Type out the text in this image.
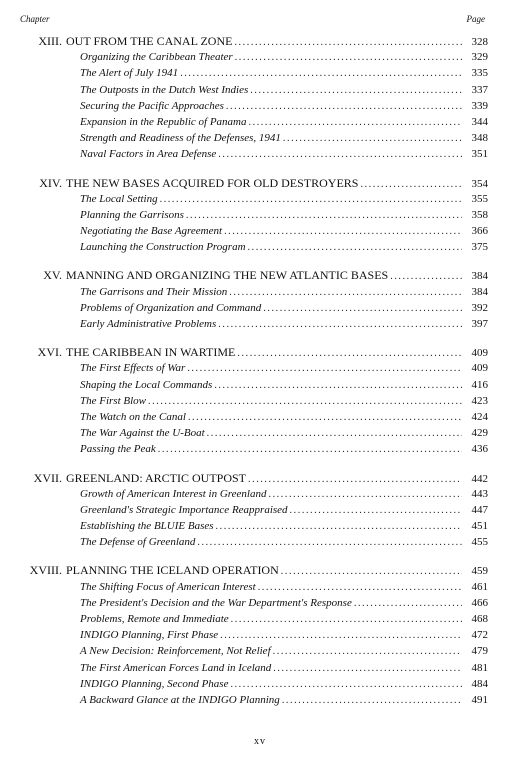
Chapter	Page
XIII. OUT FROM THE CANAL ZONE .....	328
Organizing the Caribbean Theater .....	329
The Alert of July 1941 .....	335
The Outposts in the Dutch West Indies .....	337
Securing the Pacific Approaches .....	339
Expansion in the Republic of Panama .....	344
Strength and Readiness of the Defenses, 1941 .....	348
Naval Factors in Area Defense .....	351
XIV. THE NEW BASES ACQUIRED FOR OLD DESTROYERS .....	354
The Local Setting .....	355
Planning the Garrisons .....	358
Negotiating the Base Agreement .....	366
Launching the Construction Program .....	375
XV. MANNING AND ORGANIZING THE NEW ATLANTIC BASES .....	384
The Garrisons and Their Mission .....	384
Problems of Organization and Command .....	392
Early Administrative Problems .....	397
XVI. THE CARIBBEAN IN WARTIME .....	409
The First Effects of War .....	409
Shaping the Local Commands .....	416
The First Blow .....	423
The Watch on the Canal .....	424
The War Against the U-Boat .....	429
Passing the Peak .....	436
XVII. GREENLAND: ARCTIC OUTPOST .....	442
Growth of American Interest in Greenland .....	443
Greenland's Strategic Importance Reappraised .....	447
Establishing the BLUIE Bases .....	451
The Defense of Greenland .....	455
XVIII. PLANNING THE ICELAND OPERATION .....	459
The Shifting Focus of American Interest .....	461
The President's Decision and the War Department's Response .....	466
Problems, Remote and Immediate .....	468
INDIGO Planning, First Phase .....	472
A New Decision: Reinforcement, Not Relief .....	479
The First American Forces Land in Iceland .....	481
INDIGO Planning, Second Phase .....	484
A Backward Glance at the INDIGO Planning .....	491
xv
